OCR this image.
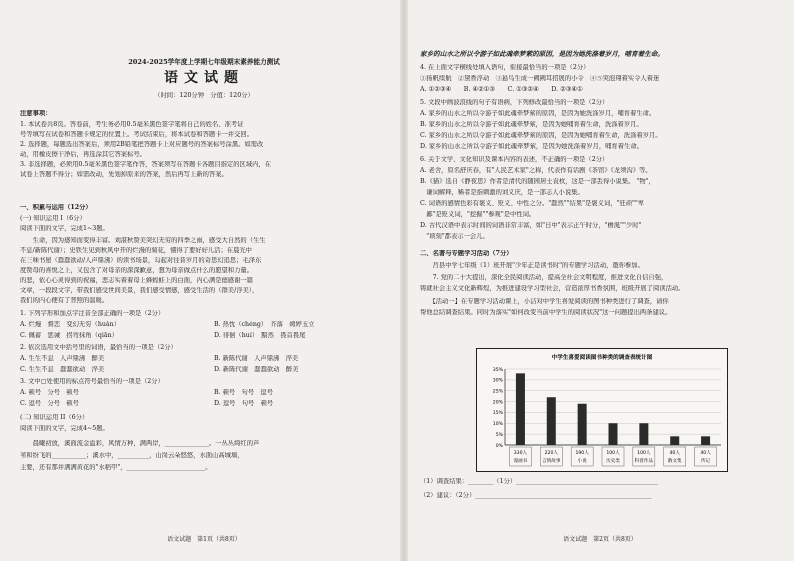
2024-2025学年度上学期七年级期末素养能力测试
语文试题
（时间：120分钟　分值：120分）
注意事项：
1. 本试卷共8页。答卷前，考生务必用0.5毫米黑色签字笔将自己的姓名、准考证
号等填写在试卷和答题卡规定的位置上。考试结束后，将本试卷和答题卡一并交回。
2. 选择题，每题选出答案后，须用2B铅笔把答题卡上对应题号的答案标号涂黑。如需改
动，用橡皮擦干净后，再选涂其它答案标号。
3. 非选择题，必须用0.5毫米黑色签字笔作答，答案须写在答题卡各题目指定的区域内，在
试卷上答题不得分；如需改动，先划掉原来的答案，然后再写上新的答案。
一、积累与运用（12分）
(一) 知识运用 I（6分）
阅读下面的文字，完成1~3题。
　　生命，因为感知而变得丰富。刘湛秋赞美突幻无穷的四季之雨，感受大自然的（生生
不息/新陈代谢）；史铁生见到秋风中开的烂漫的菊花，懂得了要好好儿活；在晨光中
在三味书屋（蠢蠢欲动/人声鼎沸）的读书场景，勾起对往昔岁月的奇思幻追思；毛泽东
度赞母的喜悦之上，又包含了对母亲的深深歉意，想为母亲做点什么的愿望和力量。
的悲，依心心灵得到的祝福，悲志实着着母上蜂蝗蛙上的白面，内心满是德感谢一篇
文章，一段段文字，带我们感受世间美景，我们感受情感，感受生活的（群美/浮美），
我们的内心便有了普照的温暖。
1. 下列字形和加点字注音全部正确的一项是（2分）
A. 烂熳　督恋　变幻无穷（huàn）	B. 热忱（chéng）　芥落　娉婷玉立
C. 佩蓄　惩诫　拐弯抹角（qiān）	D. 徘徊（huí）　黯然　畏首畏尾
2. 依次选用文中括号里的词语，最恰当的一项是（2分）
A. 生生不息　人声鼎沸　醉美	B. 新陈代谢　人声鼎沸　淬美
C. 生生不息　蠢蠢欲动　淬美	D. 新陈代谢　蠢蠢欲动　醉美
3. 文中▢处使用的标点符号最恰当的一项是（2分）
A. 顿号　分号　顿号	B. 顿号　句号　逗号
C. 逗号　分号　顿号	D. 逗号　句号　顿号
(二) 知识运用 II（6分）
阅读下面的文字，完成4~5题。
　　晨曦初放，溪面流金溢彩，风情万种，满两岸，______________。一丛丛绮红的芦
苇和纷飞的___________；溪水中，__________，山岗云朵悠悠，水面山高城墙，
主要，还有那井满满黄花的"水稻甲"，_________________________。
语文试题　第1页（共8页）
家乡的山水之所以令游子如此魂牵梦萦的原因，是因为她洗涤着岁月，哺育着生命。
4. 在上面文字横线处填入语句，衔接最恰当的一项是（2分）
①扬帆续航　②黛香浮动　③悬鸟生成一阙阙耳招展的小令　④⑤突泡翔着实令人着迷
A. ①②③④　　B. ④②①③　　C. ①③②④　　D. ②③④①
5. 文段中画波浪线的句子有语病，下列修改最恰当的一项是（2分）
A. 家乡的山水之所以令游子如此魂牵梦萦的原因，是因为她洗涤岁月，哺育着生命。
B. 家乡的山水之所以令游子如此魂牵梦萦，是因为她哺育着生命，洗涤着岁月。
C. 家乡的山水之所以令游子如此魂牵梦萦的原因，是因为她哺育着生命，洗涤着岁月。
D. 家乡的山水之所以令游子如此魂牵梦萦，是因为她洗涤着岁月，哺育着生命。
6. 关于文学、文化知识及课本内容的表述，不正确的一项是（2分）
A. 老舍，原名舒庆春，有"人民艺术家"之称，代表作有话剧《茶馆》《龙须沟》等。
B.《猫》选自《静夜思》作者是清代的随园居士袁枚，这是一部丢得小说集。 "物"，
　谦词解释，稀者是指刺激的刘义庆，是一部志人小说集。
C. 词语的感情色彩有褒义、贬义、中性之分。"蠢然""结果"是褒义词，"狂顽""卑
　鄙"是贬义词，"挖掘""参观"是中性词。
D. 古代汉语中表示时间的词语非常丰富，如"日中"表示正午时分，"檐涎""少时"
　"顷刻"都表示一会儿。
二、名著与专题学习活动（7分）
　　莒县中学七年级（1）班开展"少年正是读书时"的专题学习活动，邀你参加。
　　7. 党的二十大提出，深化全民阅读活动，提高全社会文明程度，推进文化自信自强，
铸就社会主义文化新辉煌，为推进建设学习型社会，营造浓厚书香氛围，班级开展了阅读活动。
　　【活动一】在专题学习活动课上，小洁对中学生喜爱阅读的图书种类进行了调查，请你
帮他总结调查结果。同时为落实"如何改变当前中学生的阅读状况"这一问题提出两条建议。
中学生喜爱阅读图书种类的调查表统计图
0%
5%
10%
15%
20%
25%
30%
35%
330人
漫画书
220人
言情故事
190人
小说
100人
历史类
100人
科普作品
40人
散文集
40人
传记
（1）调查结果：________（1分）_____________________________________________
（2）建议：（2分）________________________________________________________
语文试题　第2页（共8页）
